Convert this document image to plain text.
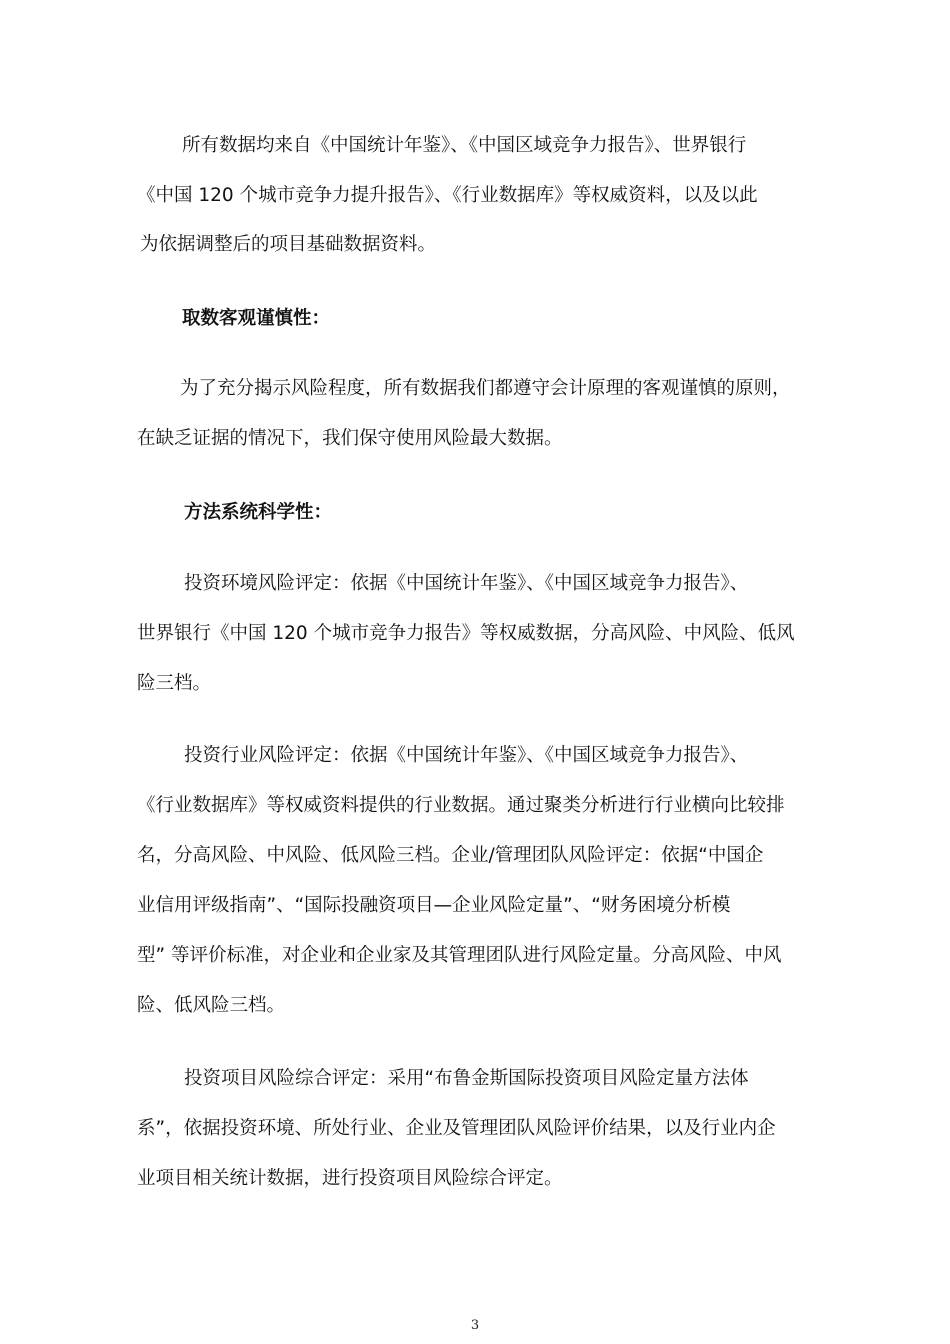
所有数据均来自《中国统计年鉴》、《中国区域竞争力报告》、世界银行
《中国 120 个城市竞争力提升报告》、《行业数据库》等权威资料，以及以此
为依据调整后的项目基础数据资料。
取数客观谨慎性：
为了充分揭示风险程度，所有数据我们都遵守会计原理的客观谨慎的原则，
在缺乏证据的情况下，我们保守使用风险最大数据。
方法系统科学性：
投资环境风险评定：依据《中国统计年鉴》、《中国区域竞争力报告》、
世界银行《中国 120 个城市竞争力报告》等权威数据，分高风险、中风险、低风
险三档。
投资行业风险评定：依据《中国统计年鉴》、《中国区域竞争力报告》、
《行业数据库》等权威资料提供的行业数据。通过聚类分析进行行业横向比较排
名，分高风险、中风险、低风险三档。企业/管理团队风险评定：依据“中国企
业信用评级指南”、“国际投融资项目—企业风险定量”、“财务困境分析模
型” 等评价标准，对企业和企业家及其管理团队进行风险定量。分高风险、中风
险、低风险三档。
投资项目风险综合评定：采用“布鲁金斯国际投资项目风险定量方法体
系”，依据投资环境、所处行业、企业及管理团队风险评价结果，以及行业内企
业项目相关统计数据，进行投资项目风险综合评定。
3
